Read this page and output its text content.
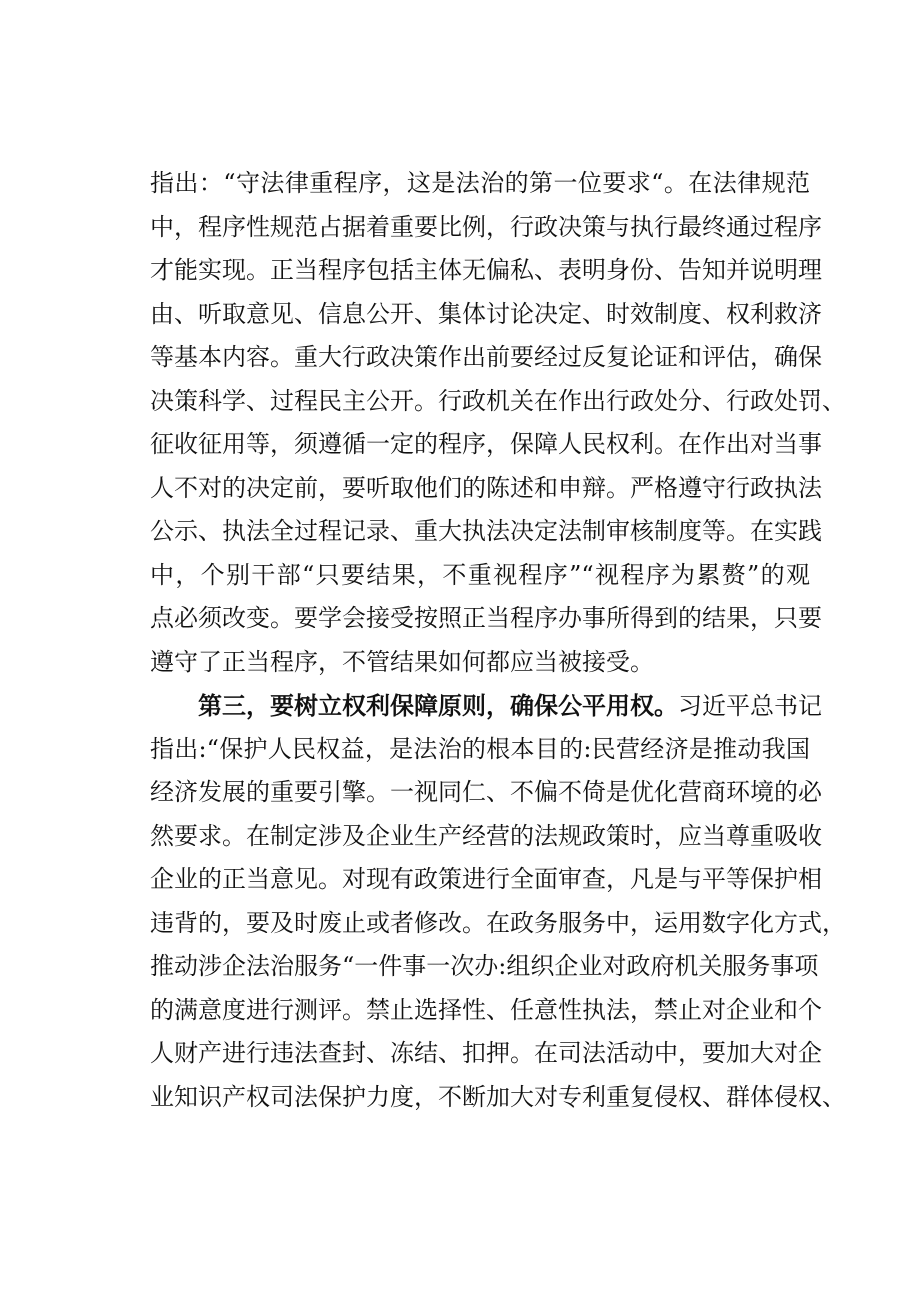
指出：“守法律重程序，这是法治的第一位要求“。在法律规范
中，程序性规范占据着重要比例，行政决策与执行最终通过程序
才能实现。正当程序包括主体无偏私、表明身份、告知并说明理
由、听取意见、信息公开、集体讨论决定、时效制度、权利救济
等基本内容。重大行政决策作出前要经过反复论证和评估，确保
决策科学、过程民主公开。行政机关在作出行政处分、行政处罚、
征收征用等，须遵循一定的程序，保障人民权利。在作出对当事
人不对的决定前，要听取他们的陈述和申辩。严格遵守行政执法
公示、执法全过程记录、重大执法决定法制审核制度等。在实践
中，个别干部“只要结果，不重视程序”“视程序为累赘”的观
点必须改变。要学会接受按照正当程序办事所得到的结果，只要
遵守了正当程序，不管结果如何都应当被接受。
第三，要树立权利保障原则，确保公平用权。习近平总书记
指出:“保护人民权益，是法治的根本目的:民营经济是推动我国
经济发展的重要引擎。一视同仁、不偏不倚是优化营商环境的必
然要求。在制定涉及企业生产经营的法规政策时，应当尊重吸收
企业的正当意见。对现有政策进行全面审查，凡是与平等保护相
违背的，要及时废止或者修改。在政务服务中，运用数字化方式，
推动涉企法治服务“一件事一次办:组织企业对政府机关服务事项
的满意度进行测评。禁止选择性、任意性执法，禁止对企业和个
人财产进行违法查封、冻结、扣押。在司法活动中，要加大对企
业知识产权司法保护力度，不断加大对专利重复侵权、群体侵权、
